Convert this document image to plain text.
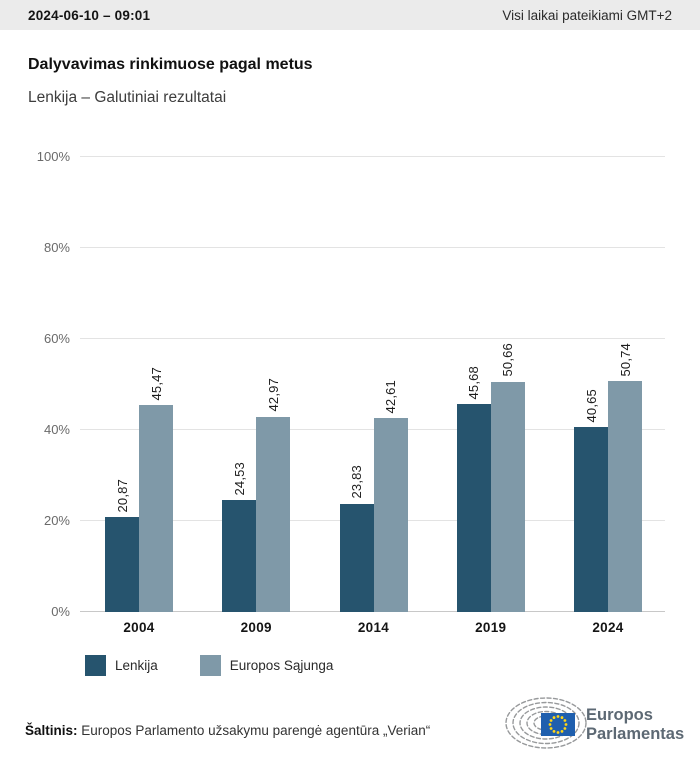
2024-06-10 – 09:01	Visi laikai pateikiami GMT+2
Dalyvavimas rinkimuose pagal metus
Lenkija – Galutiniai rezultatai
0%
20%
40%
60%
80%
100%
20,87
45,47
24,53
42,97
23,83
42,61	45,68
50,66
40,65
50,74
2004	2009	2014	2019	2024
Lenkija	Europos Sąjunga
Šaltinis: Europos Parlamento užsakymu parengė agentūra „Verian“
Europos
Parlamentas
